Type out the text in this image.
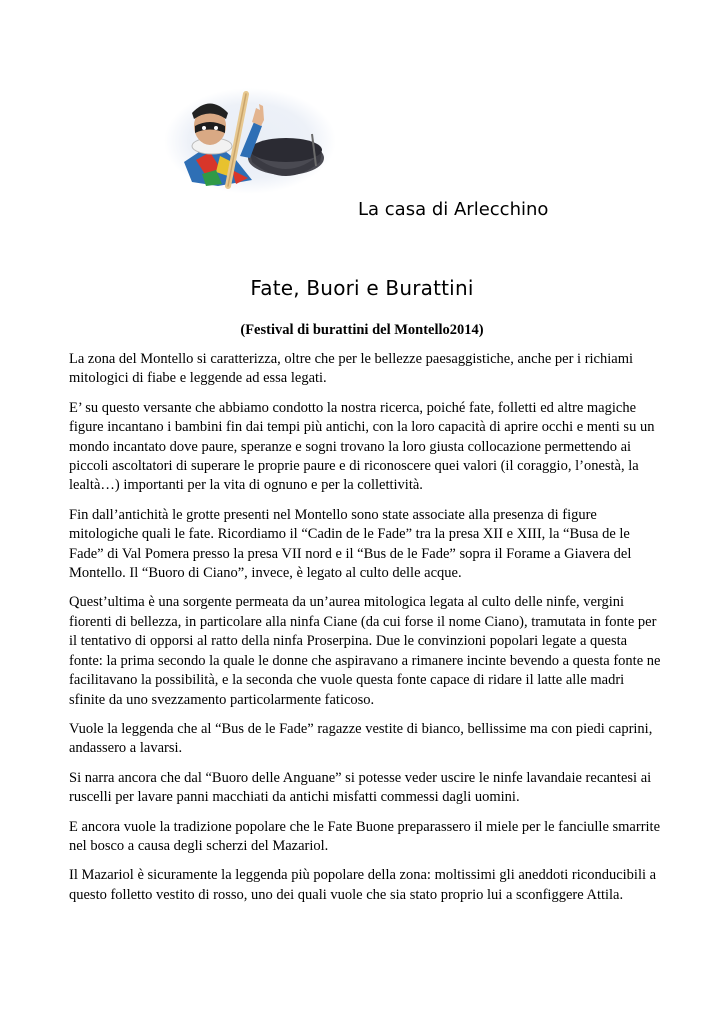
La casa di Arlecchino
Fate, Buori e Burattini
(Festival di burattini del Montello2014)

La zona del Montello si caratterizza, oltre che per le bellezze paesaggistiche, anche per i richiami mitologici di fiabe e leggende ad essa legati.

E’ su questo versante che abbiamo condotto la nostra ricerca, poiché fate, folletti ed altre magiche figure incantano i bambini fin dai tempi più antichi, con la loro capacità di aprire occhi e menti su un mondo incantato dove paure, speranze e sogni trovano la loro giusta collocazione permettendo ai piccoli ascoltatori di superare le proprie paure e di riconoscere quei valori (il coraggio, l’onestà, la lealtà…) importanti per la vita di ognuno e per la collettività.

Fin dall’antichità le grotte presenti nel Montello sono state associate alla presenza di figure mitologiche quali le fate. Ricordiamo il “Cadin de le Fade” tra la presa XII e XIII, la “Busa de le Fade” di Val Pomera presso la presa VII nord e il “Bus de le Fade” sopra il Forame a Giavera del Montello. Il “Buoro di Ciano”, invece, è legato al culto delle acque.

Quest’ultima è una sorgente permeata da un’aurea mitologica legata al culto delle ninfe, vergini fiorenti di bellezza, in particolare alla ninfa Ciane (da cui forse il nome Ciano), tramutata in fonte per il tentativo di opporsi al ratto della ninfa Proserpina. Due le convinzioni popolari legate a questa fonte: la prima secondo la quale le donne che aspiravano a rimanere incinte bevendo a questa fonte ne facilitavano la possibilità, e la seconda che vuole questa fonte capace di ridare il latte alle madri sfinite da uno svezzamento particolarmente faticoso.

Vuole la leggenda che al “Bus de le Fade” ragazze vestite di bianco, bellissime ma con piedi caprini, andassero a lavarsi.

Si narra ancora che dal “Buoro delle Anguane” si potesse veder uscire le ninfe lavandaie recantesi ai ruscelli per lavare panni macchiati da antichi misfatti commessi dagli uomini.

E ancora vuole la tradizione popolare che le Fate Buone preparassero il miele per le fanciulle smarrite nel bosco a causa degli scherzi del Mazariol.

Il Mazariol è sicuramente la leggenda più popolare della zona: moltissimi gli aneddoti riconducibili a questo folletto vestito di rosso, uno dei quali vuole che sia stato proprio lui a sconfiggere Attila.
